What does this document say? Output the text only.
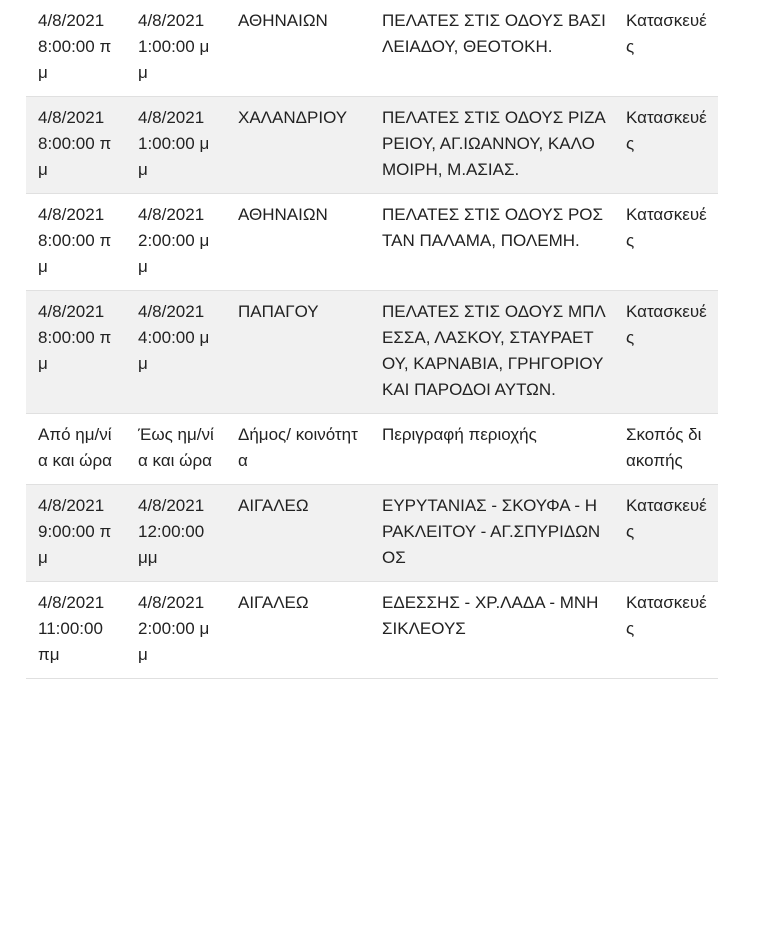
4/8/2021 8:00:00 πμ	4/8/2021 1:00:00 μμ	ΑΘΗΝΑΙΩΝ	ΠΕΛΑΤΕΣ ΣΤΙΣ ΟΔΟΥΣ ΒΑΣΙΛΕΙΑΔΟΥ, ΘΕΟΤΟΚΗ.	Κατασκευές
4/8/2021 8:00:00 πμ	4/8/2021 1:00:00 μμ	ΧΑΛΑΝΔΡΙΟΥ	ΠΕΛΑΤΕΣ ΣΤΙΣ ΟΔΟΥΣ ΡΙΖΑΡΕΙΟΥ, ΑΓ.ΙΩΑΝΝΟΥ, ΚΑΛΟΜΟΙΡΗ, Μ.ΑΣΙΑΣ.	Κατασκευές
4/8/2021 8:00:00 πμ	4/8/2021 2:00:00 μμ	ΑΘΗΝΑΙΩΝ	ΠΕΛΑΤΕΣ ΣΤΙΣ ΟΔΟΥΣ ΡΟΣΤΑΝ ΠΑΛΑΜΑ, ΠΟΛΕΜΗ.	Κατασκευές
4/8/2021 8:00:00 πμ	4/8/2021 4:00:00 μμ	ΠΑΠΑΓΟΥ	ΠΕΛΑΤΕΣ ΣΤΙΣ ΟΔΟΥΣ ΜΠΛΕΣΣΑ, ΛΑΣΚΟΥ, ΣΤΑΥΡΑΕΤΟΥ, ΚΑΡΝΑΒΙΑ, ΓΡΗΓΟΡΙΟΥ ΚΑΙ ΠΑΡΟΔΟΙ ΑΥΤΩΝ.	Κατασκευές
Από ημ/νία και ώρα	Έως ημ/νία και ώρα	Δήμος/ κοινότητα	Περιγραφή περιοχής	Σκοπός διακοπής
4/8/2021 9:00:00 πμ	4/8/2021 12:00:00 μμ	ΑΙΓΑΛΕΩ	ΕΥΡΥΤΑΝΙΑΣ - ΣΚΟΥΦΑ - ΗΡΑΚΛΕΙΤΟΥ - ΑΓ.ΣΠΥΡΙΔΩΝΟΣ	Κατασκευές
4/8/2021 11:00:00 πμ	4/8/2021 2:00:00 μμ	ΑΙΓΑΛΕΩ	ΕΔΕΣΣΗΣ - ΧΡ.ΛΑΔΑ - ΜΝΗΣΙΚΛΕΟΥΣ	Κατασκευές
